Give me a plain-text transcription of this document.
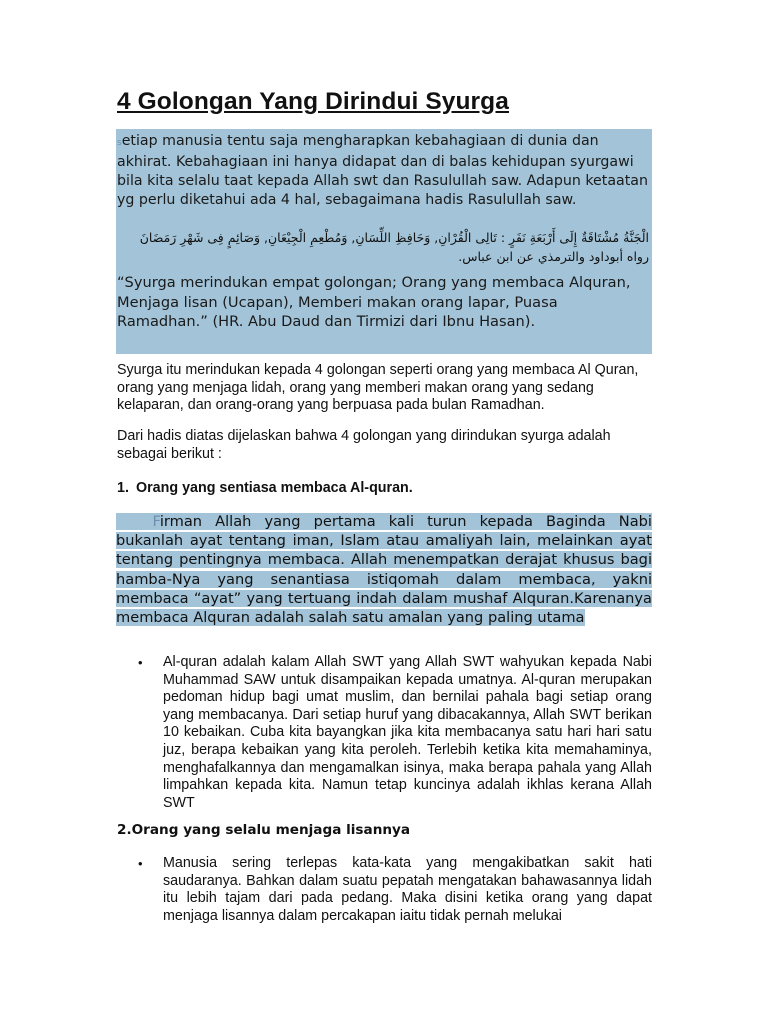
4 Golongan Yang Dirindui Syurga
setiap manusia tentu saja mengharapkan kebahagiaan di dunia dan akhirat. Kebahagiaan ini hanya didapat dan di balas kehidupan syurgawi bila kita selalu taat kepada Allah swt dan Rasulullah saw. Adapun ketaatan yg perlu diketahui ada 4 hal, sebagaimana hadis Rasulullah saw.
الْجَنَّةُ مُشْتَاقَةٌ إِلَى أَرْبَعَةِ نَفَرٍ : تَالِى الْقُرْانِ, وَحَافِظِ اللِّسَانِ, وَمُطْعِمِ الْجِيْعَانِ, وَصَائِمٍ فِى شَهْرِ رَمَضَانَ
رواه أبوداود والترمذي عن ابن عباس.
“Syurga merindukan empat golongan; Orang yang membaca Alquran, Menjaga lisan (Ucapan), Memberi makan orang lapar, Puasa Ramadhan.” (HR. Abu Daud dan Tirmizi dari Ibnu Hasan).

Syurga itu merindukan kepada 4 golongan seperti orang yang membaca Al Quran, orang yang menjaga lidah, orang yang memberi makan orang yang sedang kelaparan, dan orang-orang yang berpuasa pada bulan Ramadhan.

Dari hadis diatas dijelaskan bahwa 4 golongan yang dirindukan syurga adalah sebagai berikut :

1. Orang yang sentiasa membaca Al-quran.

   Firman Allah yang pertama kali turun kepada Baginda Nabi bukanlah ayat tentang iman, Islam atau amaliyah lain, melainkan ayat tentang pentingnya membaca. Allah menempatkan derajat khusus bagi hamba-Nya yang senantiasa istiqomah dalam membaca, yakni membaca “ayat” yang tertuang indah dalam mushaf Alquran.Karenanya membaca Alquran adalah salah satu amalan yang paling utama

•	Al-quran adalah kalam Allah SWT yang Allah SWT wahyukan kepada Nabi Muhammad SAW untuk disampaikan kepada umatnya. Al-quran merupakan pedoman hidup bagi umat muslim, dan bernilai pahala bagi setiap orang yang membacanya. Dari setiap huruf yang dibacakannya, Allah SWT berikan 10 kebaikan. Cuba kita bayangkan jika kita membacanya satu hari hari satu juz, berapa kebaikan yang kita peroleh. Terlebih ketika kita memahaminya, menghafalkannya dan mengamalkan isinya, maka berapa pahala yang Allah limpahkan kepada kita. Namun tetap kuncinya adalah ikhlas kerana Allah SWT

2.Orang yang selalu menjaga lisannya
•	Manusia sering terlepas kata-kata yang mengakibatkan sakit hati saudaranya. Bahkan dalam suatu pepatah mengatakan bahawasannya lidah itu lebih tajam dari pada pedang. Maka disini ketika orang yang dapat menjaga lisannya dalam percakapan iaitu tidak pernah melukai
